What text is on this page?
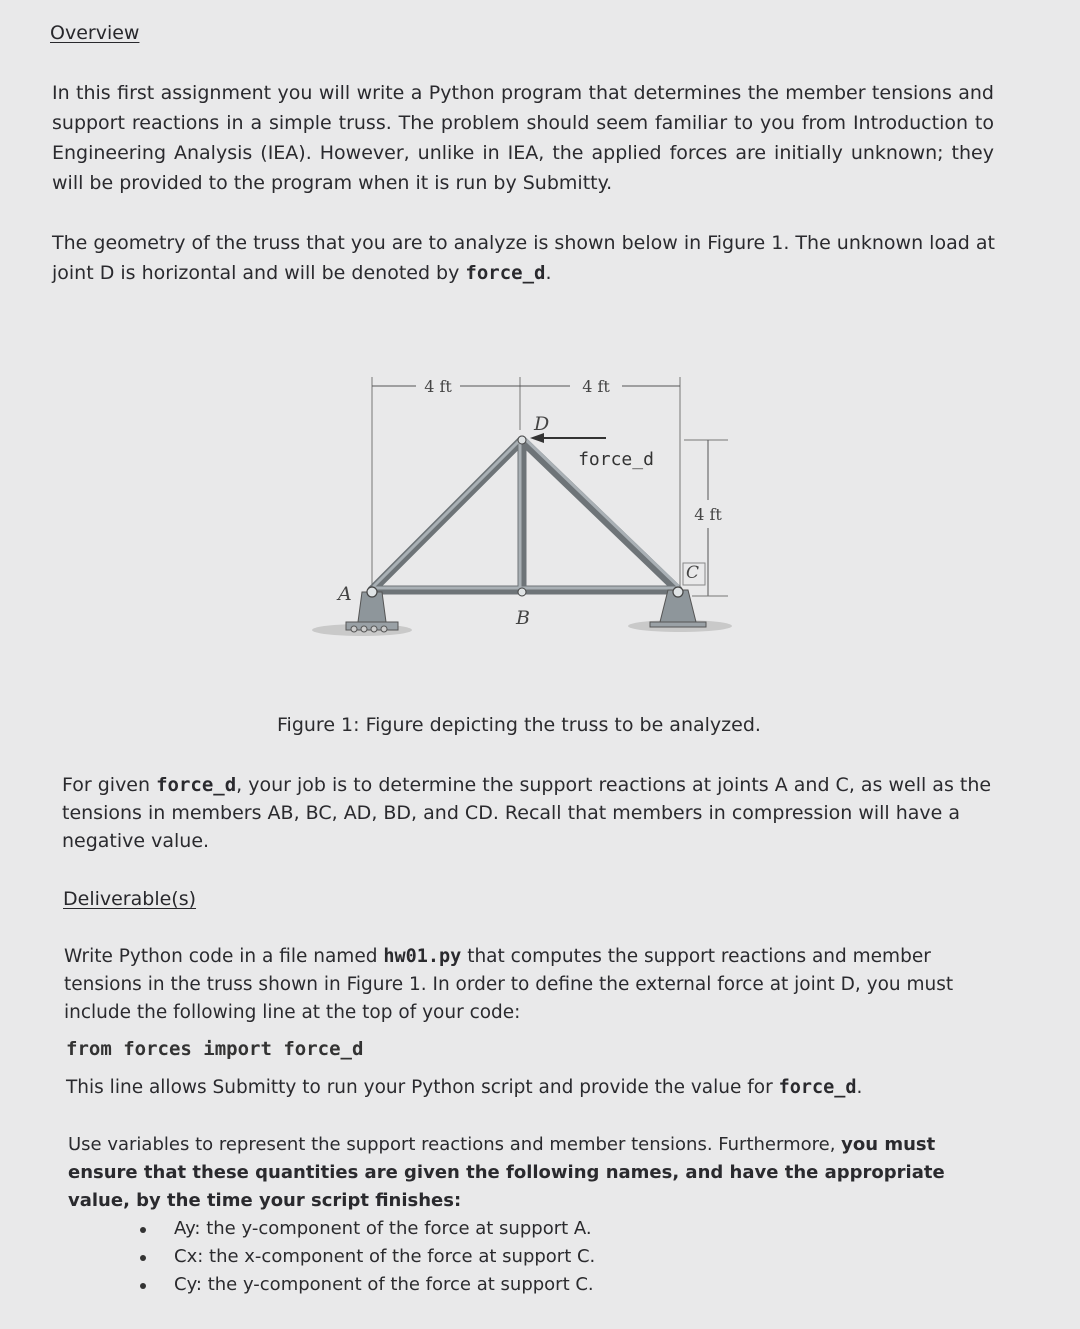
Overview
In this first assignment you will write a Python program that determines the member tensions and support reactions in a simple truss. The problem should seem familiar to you from Introduction to Engineering Analysis (IEA). However, unlike in IEA, the applied forces are initially unknown; they will be provided to the program when it is run by Submitty.
The geometry of the truss that you are to analyze is shown below in Figure 1. The unknown load at joint D is horizontal and will be denoted by force_d.
4 ft	4 ft
4 ft
force_d
A
B
C
D
Figure 1: Figure depicting the truss to be analyzed.
For given force_d, your job is to determine the support reactions at joints A and C, as well as the tensions in members AB, BC, AD, BD, and CD. Recall that members in compression will have a negative value.
Deliverable(s)
Write Python code in a file named hw01.py that computes the support reactions and member tensions in the truss shown in Figure 1. In order to define the external force at joint D, you must include the following line at the top of your code:
from forces import force_d
This line allows Submitty to run your Python script and provide the value for force_d.
Use variables to represent the support reactions and member tensions. Furthermore, you must ensure that these quantities are given the following names, and have the appropriate value, by the time your script finishes:
Ay: the y-component of the force at support A.
Cx: the x-component of the force at support C.
Cy: the y-component of the force at support C.
